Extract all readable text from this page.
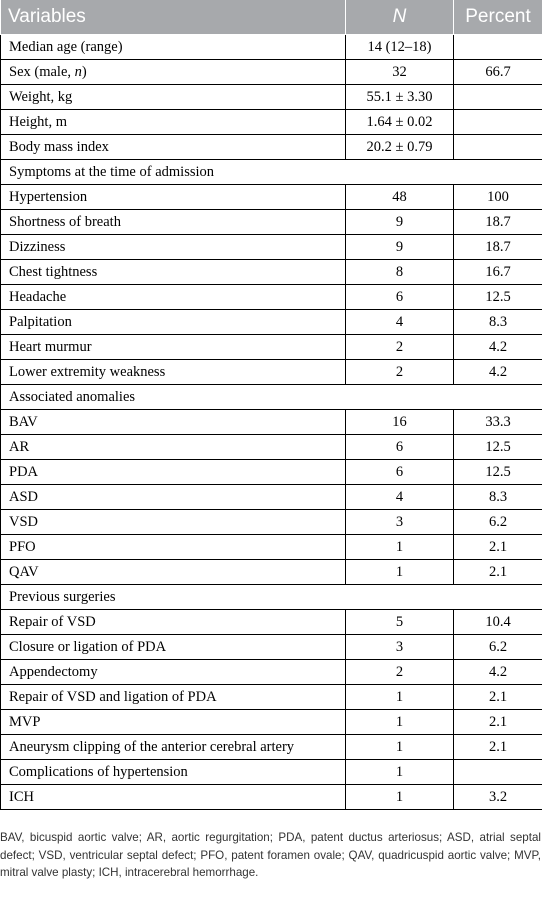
Variables	N	Percent
Median age (range)	14 (12–18)	
Sex (male, n)	32	66.7
Weight, kg	55.1 ± 3.30	
Height, m	1.64 ± 0.02	
Body mass index	20.2 ± 0.79	
Symptoms at the time of admission		
Hypertension	48	100
Shortness of breath	9	18.7
Dizziness	9	18.7
Chest tightness	8	16.7
Headache	6	12.5
Palpitation	4	8.3
Heart murmur	2	4.2
Lower extremity weakness	2	4.2
Associated anomalies		
BAV	16	33.3
AR	6	12.5
PDA	6	12.5
ASD	4	8.3
VSD	3	6.2
PFO	1	2.1
QAV	1	2.1
Previous surgeries		
Repair of VSD	5	10.4
Closure or ligation of PDA	3	6.2
Appendectomy	2	4.2
Repair of VSD and ligation of PDA	1	2.1
MVP	1	2.1
Aneurysm clipping of the anterior cerebral artery	1	2.1
Complications of hypertension	1	
ICH	1	3.2

BAV, bicuspid aortic valve; AR, aortic regurgitation; PDA, patent ductus arteriosus; ASD, atrial septal defect; VSD, ventricular septal defect; PFO, patent foramen ovale; QAV, quadricuspid aortic valve; MVP, mitral valve plasty; ICH, intracerebral hemorrhage.
